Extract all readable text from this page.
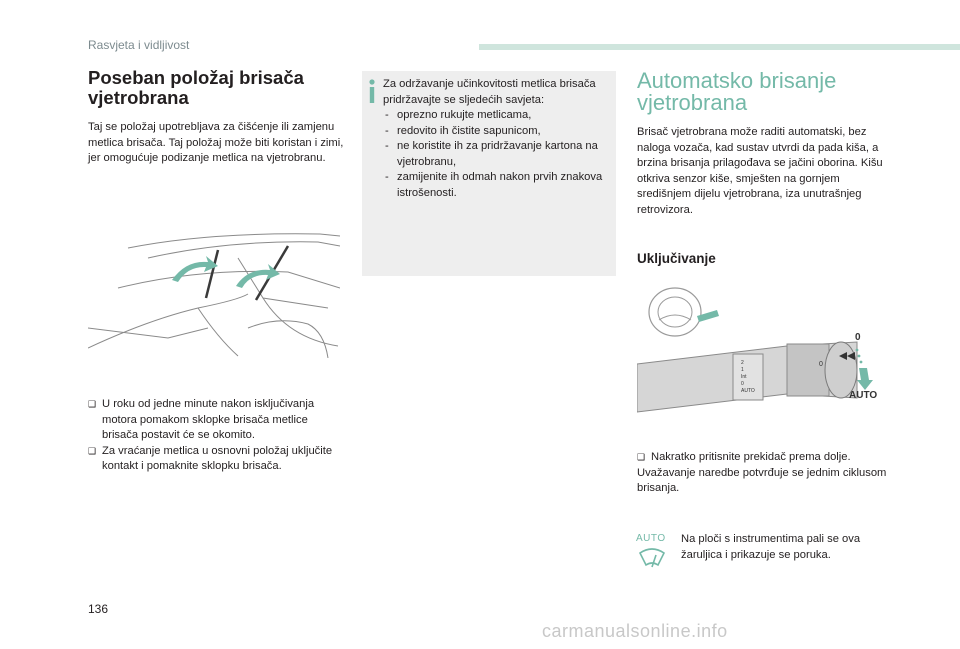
Rasvjeta i vidljivost
Poseban položaj brisača vjetrobrana

Taj se položaj upotrebljava za čišćenje ili zamjenu metlica brisača. Taj položaj može biti koristan i zimi, jer omogućuje podizanje metlica na vjetrobranu.

❑ U roku od jedne minute nakon isključivanja motora pomakom sklopke brisača metlice brisača postavit će se okomito.
❑ Za vraćanje metlica u osnovni položaj uključite kontakt i pomaknite sklopku brisača.

Za održavanje učinkovitosti metlica brisača pridržavajte se sljedećih savjeta:

- oprezno rukujte metlicama,
- redovito ih čistite sapunicom,
- ne koristite ih za pridržavanje kartona na vjetrobranu,
- zamijenite ih odmah nakon prvih znakova istrošenosti.
Automatsko brisanje vjetrobrana

Brisač vjetrobrana može raditi automatski, bez naloga vozača, kad sustav utvrdi da pada kiša, a brzina brisanja prilagođava se jačini oborina. Kišu otkriva senzor kiše, smješten na gornjem središnjem dijelu vjetrobrana, iza unutrašnjeg retrovizora.

Uključivanje
0
2
1
Int
0
AUTO
0
AUTO
❑ Nakratko pritisnite prekidač prema dolje.

Uvažavanje naredbe potvrđuje se jednim ciklusom brisanja.

AUTO Na ploči s instrumentima pali se ova žaruljica i prikazuje se poruka.
136
carmanualsonline.info
